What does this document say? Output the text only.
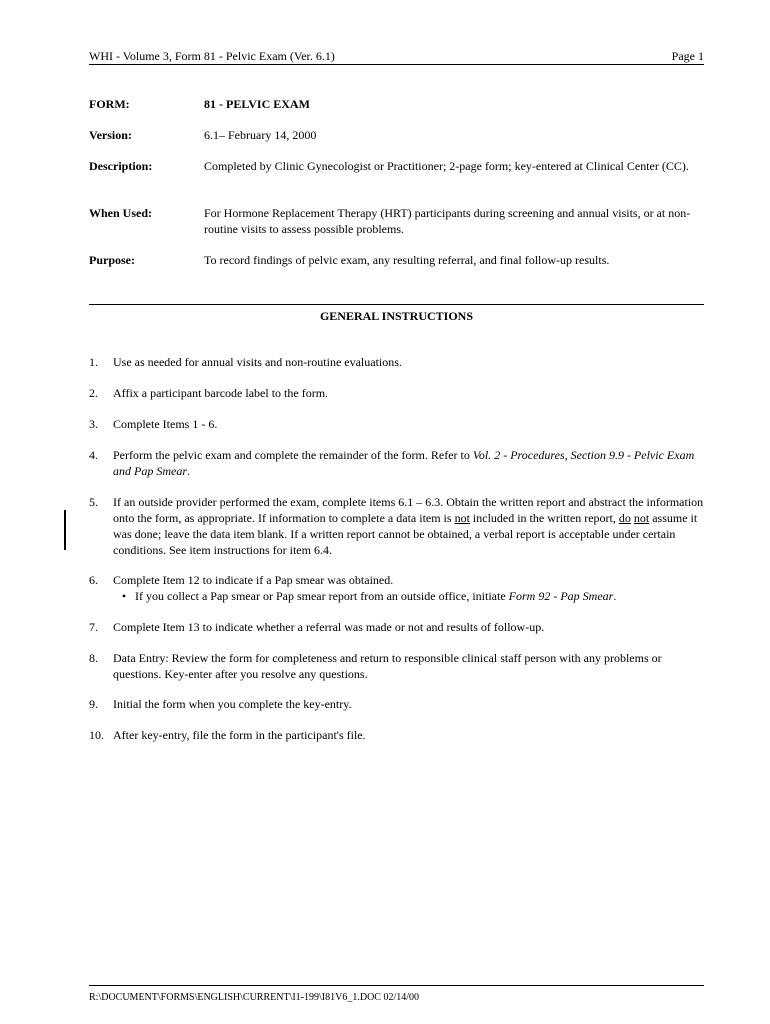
WHI - Volume 3, Form 81 - Pelvic Exam (Ver. 6.1)	Page 1
FORM:	81 - PELVIC EXAM
Version:	6.1– February 14, 2000
Description:	Completed by Clinic Gynecologist or Practitioner; 2-page form; key-entered at Clinical Center (CC).
When Used:	For Hormone Replacement Therapy (HRT) participants during screening and annual visits, or at non-routine visits to assess possible problems.
Purpose:	To record findings of pelvic exam, any resulting referral, and final follow-up results.
GENERAL INSTRUCTIONS
1.	Use as needed for annual visits and non-routine evaluations.
2.	Affix a participant barcode label to the form.
3.	Complete Items 1 - 6.
4.	Perform the pelvic exam and complete the remainder of the form. Refer to Vol. 2 - Procedures, Section 9.9 - Pelvic Exam and Pap Smear.
5.	If an outside provider performed the exam, complete items 6.1 – 6.3. Obtain the written report and abstract the information onto the form, as appropriate. If information to complete a data item is not included in the written report, do not assume it was done; leave the data item blank. If a written report cannot be obtained, a verbal report is acceptable under certain conditions. See item instructions for item 6.4.
6.	Complete Item 12 to indicate if a Pap smear was obtained.
• If you collect a Pap smear or Pap smear report from an outside office, initiate Form 92 - Pap Smear.
7.	Complete Item 13 to indicate whether a referral was made or not and results of follow-up.
8.	Data Entry: Review the form for completeness and return to responsible clinical staff person with any problems or questions. Key-enter after you resolve any questions.
9.	Initial the form when you complete the key-entry.
10. After key-entry, file the form in the participant's file.
R:\DOCUMENT\FORMS\ENGLISH\CURRENT\I1-199\I81V6_1.DOC 02/14/00
